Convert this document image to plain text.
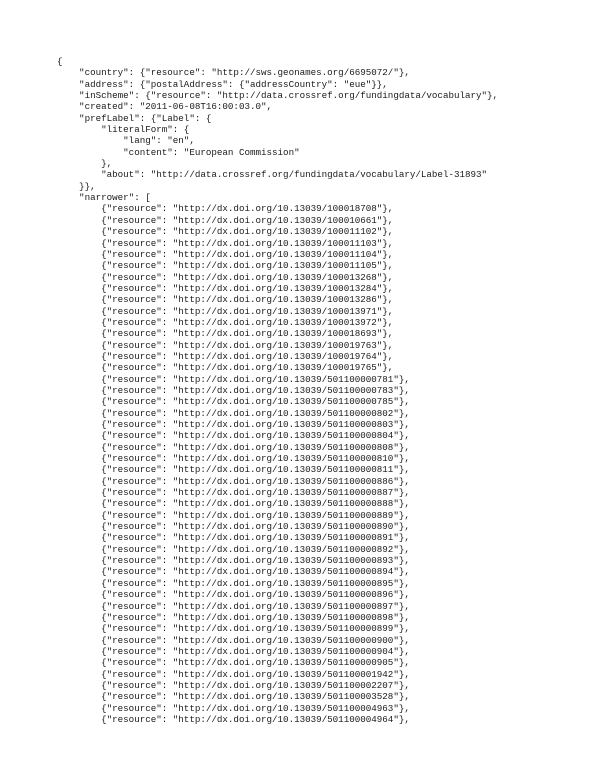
{
"country": {"resource": "http://sws.geonames.org/6695072/"},
"address": {"postalAddress": {"addressCountry": "eue"}},
"inScheme": {"resource": "http://data.crossref.org/fundingdata/vocabulary"},
"created": "2011-06-08T16:00:03.0",
"prefLabel": {"Label": {
"literalForm": {
"lang": "en",
"content": "European Commission"
},
"about": "http://data.crossref.org/fundingdata/vocabulary/Label-31893"
}},
"narrower": [
{"resource": "http://dx.doi.org/10.13039/100018708"},
{"resource": "http://dx.doi.org/10.13039/100010661"},
{"resource": "http://dx.doi.org/10.13039/100011102"},
{"resource": "http://dx.doi.org/10.13039/100011103"},
{"resource": "http://dx.doi.org/10.13039/100011104"},
{"resource": "http://dx.doi.org/10.13039/100011105"},
{"resource": "http://dx.doi.org/10.13039/100013268"},
{"resource": "http://dx.doi.org/10.13039/100013284"},
{"resource": "http://dx.doi.org/10.13039/100013286"},
{"resource": "http://dx.doi.org/10.13039/100013971"},
{"resource": "http://dx.doi.org/10.13039/100013972"},
{"resource": "http://dx.doi.org/10.13039/100018693"},
{"resource": "http://dx.doi.org/10.13039/100019763"},
{"resource": "http://dx.doi.org/10.13039/100019764"},
{"resource": "http://dx.doi.org/10.13039/100019765"},
{"resource": "http://dx.doi.org/10.13039/501100000781"},
{"resource": "http://dx.doi.org/10.13039/501100000783"},
{"resource": "http://dx.doi.org/10.13039/501100000785"},
{"resource": "http://dx.doi.org/10.13039/501100000802"},
{"resource": "http://dx.doi.org/10.13039/501100000803"},
{"resource": "http://dx.doi.org/10.13039/501100000804"},
{"resource": "http://dx.doi.org/10.13039/501100000808"},
{"resource": "http://dx.doi.org/10.13039/501100000810"},
{"resource": "http://dx.doi.org/10.13039/501100000811"},
{"resource": "http://dx.doi.org/10.13039/501100000886"},
{"resource": "http://dx.doi.org/10.13039/501100000887"},
{"resource": "http://dx.doi.org/10.13039/501100000888"},
{"resource": "http://dx.doi.org/10.13039/501100000889"},
{"resource": "http://dx.doi.org/10.13039/501100000890"},
{"resource": "http://dx.doi.org/10.13039/501100000891"},
{"resource": "http://dx.doi.org/10.13039/501100000892"},
{"resource": "http://dx.doi.org/10.13039/501100000893"},
{"resource": "http://dx.doi.org/10.13039/501100000894"},
{"resource": "http://dx.doi.org/10.13039/501100000895"},
{"resource": "http://dx.doi.org/10.13039/501100000896"},
{"resource": "http://dx.doi.org/10.13039/501100000897"},
{"resource": "http://dx.doi.org/10.13039/501100000898"},
{"resource": "http://dx.doi.org/10.13039/501100000899"},
{"resource": "http://dx.doi.org/10.13039/501100000900"},
{"resource": "http://dx.doi.org/10.13039/501100000904"},
{"resource": "http://dx.doi.org/10.13039/501100000905"},
{"resource": "http://dx.doi.org/10.13039/501100001942"},
{"resource": "http://dx.doi.org/10.13039/501100002207"},
{"resource": "http://dx.doi.org/10.13039/501100003528"},
{"resource": "http://dx.doi.org/10.13039/501100004963"},
{"resource": "http://dx.doi.org/10.13039/501100004964"},
